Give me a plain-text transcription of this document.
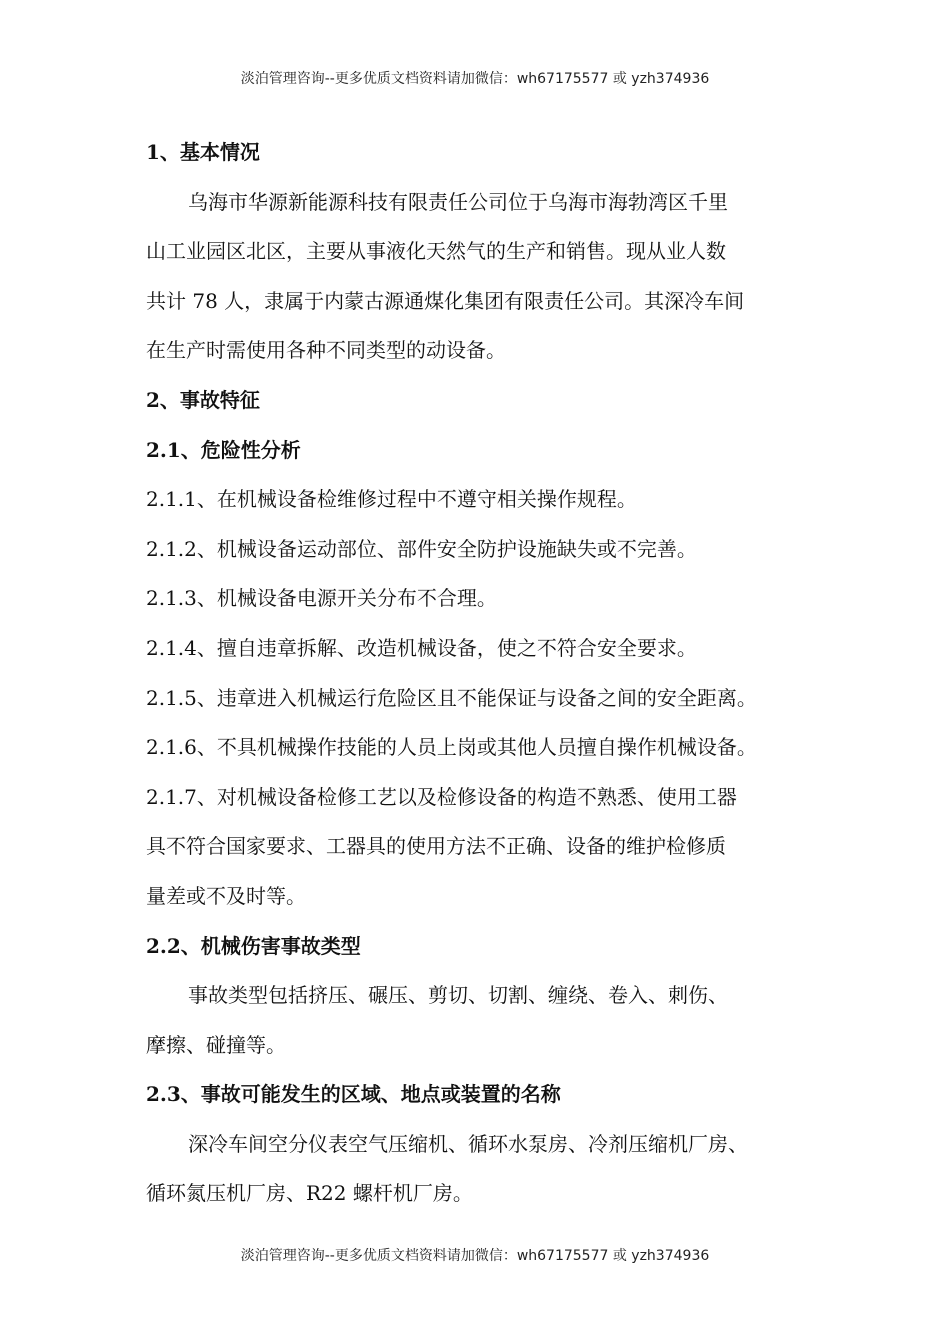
淡泊管理咨询--更多优质文档资料请加微信：wh67175577 或 yzh374936
1、基本情况
乌海市华源新能源科技有限责任公司位于乌海市海勃湾区千里
山工业园区北区，主要从事液化天然气的生产和销售。现从业人数
共计 78 人，隶属于内蒙古源通煤化集团有限责任公司。其深冷车间
在生产时需使用各种不同类型的动设备。
2、事故特征
2.1、危险性分析
2.1.1、在机械设备检维修过程中不遵守相关操作规程。
2.1.2、机械设备运动部位、部件安全防护设施缺失或不完善。
2.1.3、机械设备电源开关分布不合理。
2.1.4、擅自违章拆解、改造机械设备，使之不符合安全要求。
2.1.5、违章进入机械运行危险区且不能保证与设备之间的安全距离。
2.1.6、不具机械操作技能的人员上岗或其他人员擅自操作机械设备。
2.1.7、对机械设备检修工艺以及检修设备的构造不熟悉、使用工器
具不符合国家要求、工器具的使用方法不正确、设备的维护检修质
量差或不及时等。
2.2、机械伤害事故类型
事故类型包括挤压、碾压、剪切、切割、缠绕、卷入、刺伤、
摩擦、碰撞等。
2.3、事故可能发生的区域、地点或装置的名称
深冷车间空分仪表空气压缩机、循环水泵房、冷剂压缩机厂房、
循环氮压机厂房、R22 螺杆机厂房。
淡泊管理咨询--更多优质文档资料请加微信：wh67175577 或 yzh374936
